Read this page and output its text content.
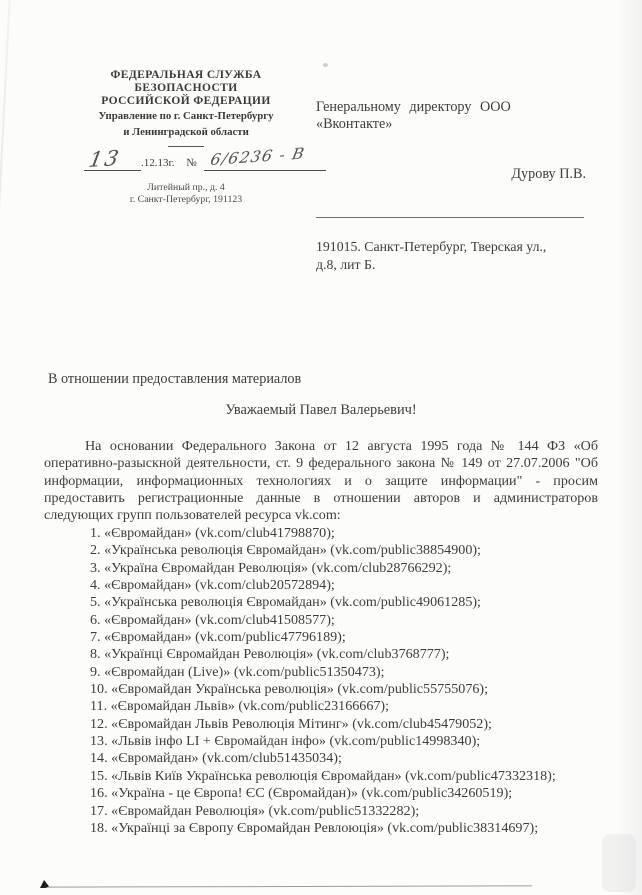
ФЕДЕРАЛЬНАЯ СЛУЖБА
БЕЗОПАСНОСТИ
РОССИЙСКОЙ ФЕДЕРАЦИИ
Управление по г. Санкт-Петербургу
и Ленинградской области
13 .12.13г. № 6/6236 - В
Литейный пр., д. 4
г. Санкт-Петербург, 191123
Генеральному директору ООО
«Вконтакте»
Дурову П.В.
191015. Санкт-Петербург, Тверская ул.,
д.8, лит Б.
В отношении предоставления материалов
Уважаемый Павел Валерьевич!
На основании Федерального Закона от 12 августа 1995 года № 144 ФЗ «Об оперативно-разыскной деятельности, ст. 9 федерального закона № 149 от 27.07.2006 "Об информации, информационных технологиях и о защите информации" - просим предоставить регистрационные данные в отношении авторов и администраторов следующих групп пользователей ресурса vk.com:
1. «Євромайдан» (vk.com/club41798870);
2. «Українська революція Євромайдан» (vk.com/public38854900);
3. «Україна Євромайдан Революція» (vk.com/club28766292);
4. «Євромайдан» (vk.com/club20572894);
5. «Українська революція Євромайдан» (vk.com/public49061285);
6. «Євромайдан» (vk.com/club41508577);
7. «Євромайдан» (vk.com/public47796189);
8. «Українці Євромайдан Революція» (vk.com/club3768777);
9. «Євромайдан (Live)» (vk.com/public51350473);
10. «Євромайдан Українська революція» (vk.com/public55755076);
11. «Євромайдан Львів» (vk.com/public23166667);
12. «Євромайдан Львів Революція Мітинг» (vk.com/club45479052);
13. «Львів інфо LI + Євромайдан інфо» (vk.com/public14998340);
14. «Євромайдан» (vk.com/club51435034);
15. «Львів Київ Українська революція Євромайдан» (vk.com/public47332318);
16. «Україна - це Європа! ЄС (Євромайдан)» (vk.com/public34260519);
17. «Євромайдан Революція» (vk.com/public51332282);
18. «Українці за Європу Євромайдан Ревлоюція» (vk.com/public38314697);
